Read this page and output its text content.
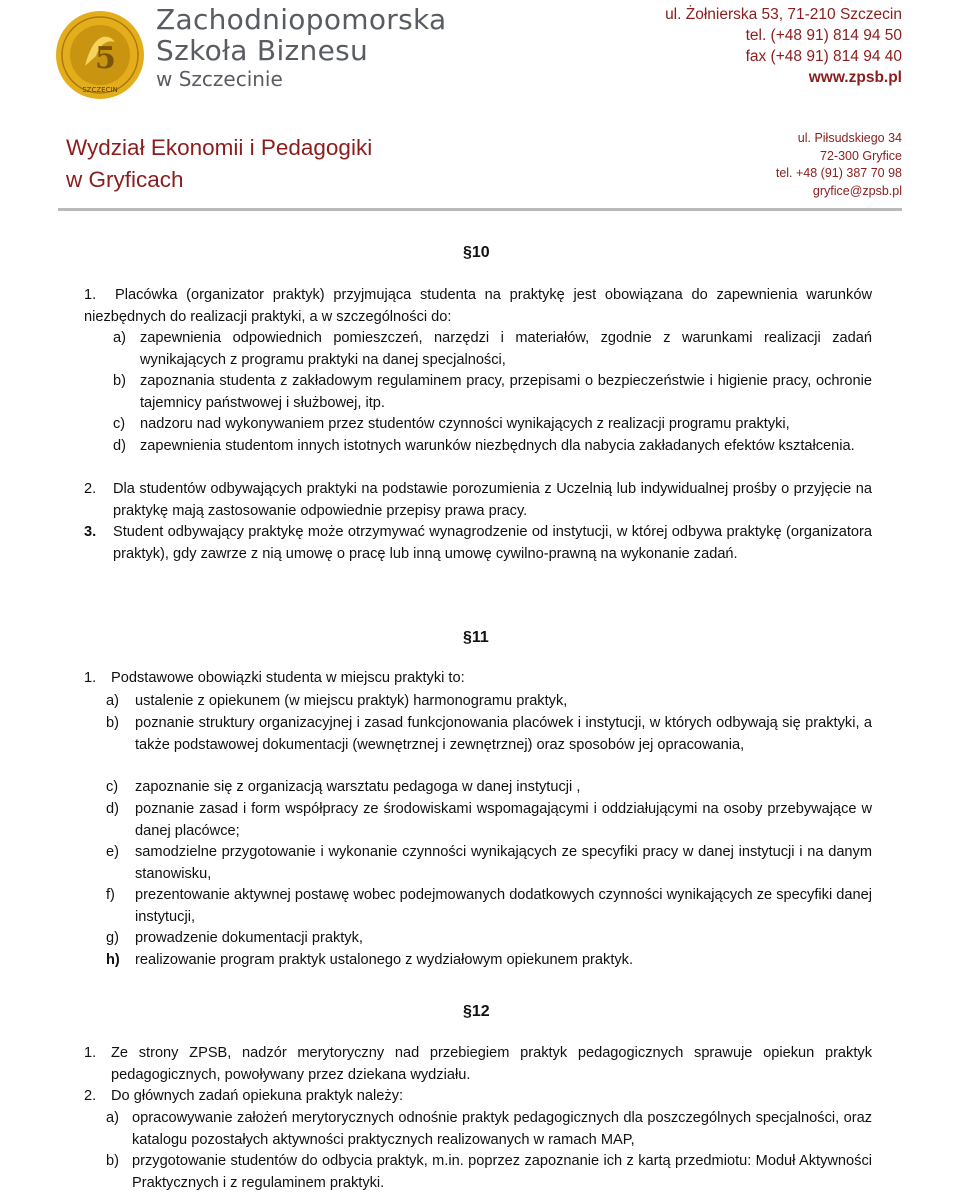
5
SZCZECIN
Zachodniopomorska
Szkoła Biznesu
w Szczecinie
ul. Żołnierska 53, 71-210 Szczecin
tel. (+48 91) 814 94 50
fax (+48 91) 814 94 40
www.zpsb.pl
Wydział Ekonomii i Pedagogiki
w Gryficach
ul. Piłsudskiego 34
72-300 Gryfice
tel. +48 (91) 387 70 98
gryfice@zpsb.pl
§10
1.	Placówka (organizator praktyk) przyjmująca studenta na praktykę jest obowiązana do zapewnienia warunków niezbędnych do realizacji praktyki, a w szczególności do:
a) zapewnienia odpowiednich pomieszczeń, narzędzi i materiałów, zgodnie z warunkami realizacji zadań wynikających z programu praktyki na danej specjalności,
b) zapoznania studenta z zakładowym regulaminem pracy, przepisami o bezpieczeństwie i higienie pracy, ochronie tajemnicy państwowej i służbowej, itp.
c)	nadzoru nad wykonywaniem przez studentów czynności wynikających z realizacji programu praktyki,
d) zapewnienia studentom innych istotnych warunków niezbędnych dla nabycia zakładanych efektów kształcenia.
2.	Dla studentów odbywających praktyki na podstawie porozumienia z Uczelnią lub indywidualnej prośby o przyjęcie na praktykę mają zastosowanie odpowiednie przepisy prawa pracy.
3.	Student odbywający praktykę może otrzymywać wynagrodzenie od instytucji, w której odbywa praktykę (organizatora praktyk), gdy zawrze z nią umowę o pracę lub inną umowę cywilno-prawną na wykonanie zadań.
§11
1.	Podstawowe obowiązki studenta w miejscu praktyki to:
a)	ustalenie z opiekunem (w miejscu praktyk) harmonogramu praktyk,
b)	poznanie struktury organizacyjnej i zasad funkcjonowania placówek i instytucji, w których odbywają się praktyki, a także podstawowej dokumentacji (wewnętrznej i zewnętrznej) oraz sposobów jej opracowania,
c)	zapoznanie się z organizacją warsztatu pedagoga w danej instytucji ,
d)	poznanie zasad i form współpracy ze środowiskami wspomagającymi i oddziałującymi na osoby przebywające w danej placówce;
e)	samodzielne przygotowanie i wykonanie czynności wynikających ze specyfiki pracy w danej instytucji i na danym stanowisku,
f)	prezentowanie aktywnej postawę wobec podejmowanych dodatkowych czynności wynikających ze specyfiki danej instytucji,
g)	prowadzenie dokumentacji praktyk,
h)	realizowanie program praktyk ustalonego z wydziałowym opiekunem praktyk.
§12
1.	Ze strony ZPSB, nadzór merytoryczny nad przebiegiem praktyk pedagogicznych sprawuje opiekun praktyk pedagogicznych, powoływany przez dziekana wydziału.
2.	Do głównych zadań opiekuna praktyk należy:
a) opracowywanie założeń merytorycznych odnośnie praktyk pedagogicznych dla poszczególnych specjalności, oraz katalogu pozostałych aktywności praktycznych realizowanych w ramach MAP,
b) przygotowanie studentów do odbycia praktyk, m.in. poprzez zapoznanie ich z kartą przedmiotu: Moduł Aktywności Praktycznych i z regulaminem praktyki.
